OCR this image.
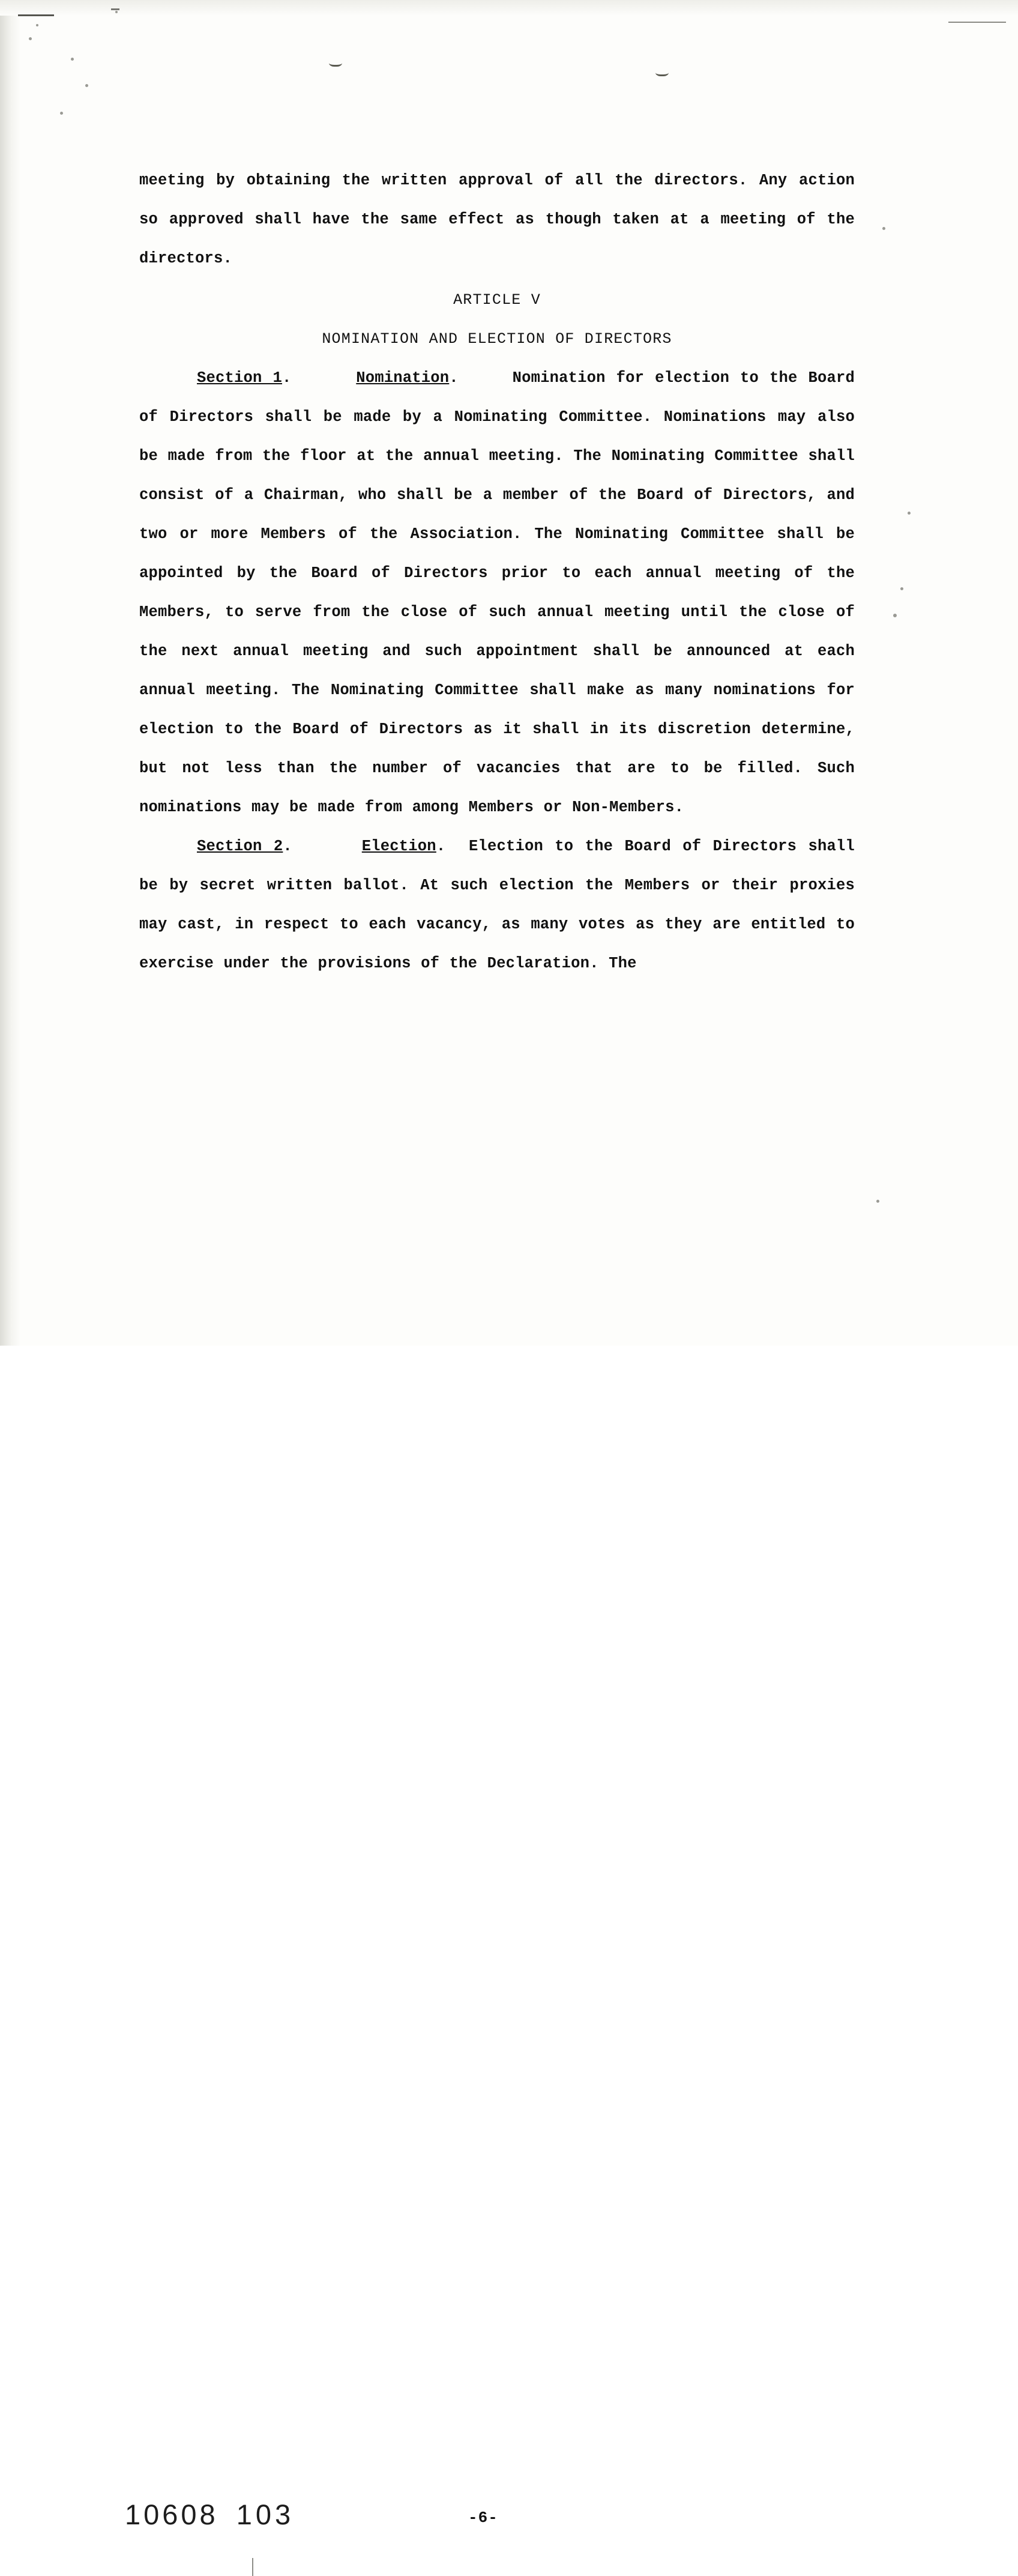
meeting by obtaining the written approval of all the directors. Any action so approved shall have the same effect as though taken at a meeting of the directors.

ARTICLE V

NOMINATION AND ELECTION OF DIRECTORS

Section 1.      Nomination.     Nomination for election to the Board of Directors shall be made by a Nominating Committee. Nominations may also be made from the floor at the annual meeting. The Nominating Committee shall consist of a Chairman, who shall be a member of the Board of Directors, and two or more Members of the Association. The Nominating Committee shall be appointed by the Board of Directors prior to each annual meeting of the Members, to serve from the close of such annual meeting until the close of the next annual meeting and such appointment shall be announced at each annual meeting. The Nominating Committee shall make as many nominations for election to the Board of Directors as it shall in its discretion determine, but not less than the number of vacancies that are to be filled. Such nominations may be made from among Members or Non-Members.

Section 2.      Election.  Election to the Board of Directors shall be by secret written ballot. At such election the Members or their proxies may cast, in respect to each vacancy, as many votes as they are entitled to exercise under the provisions of the Declaration. The

10608 103	-6-
